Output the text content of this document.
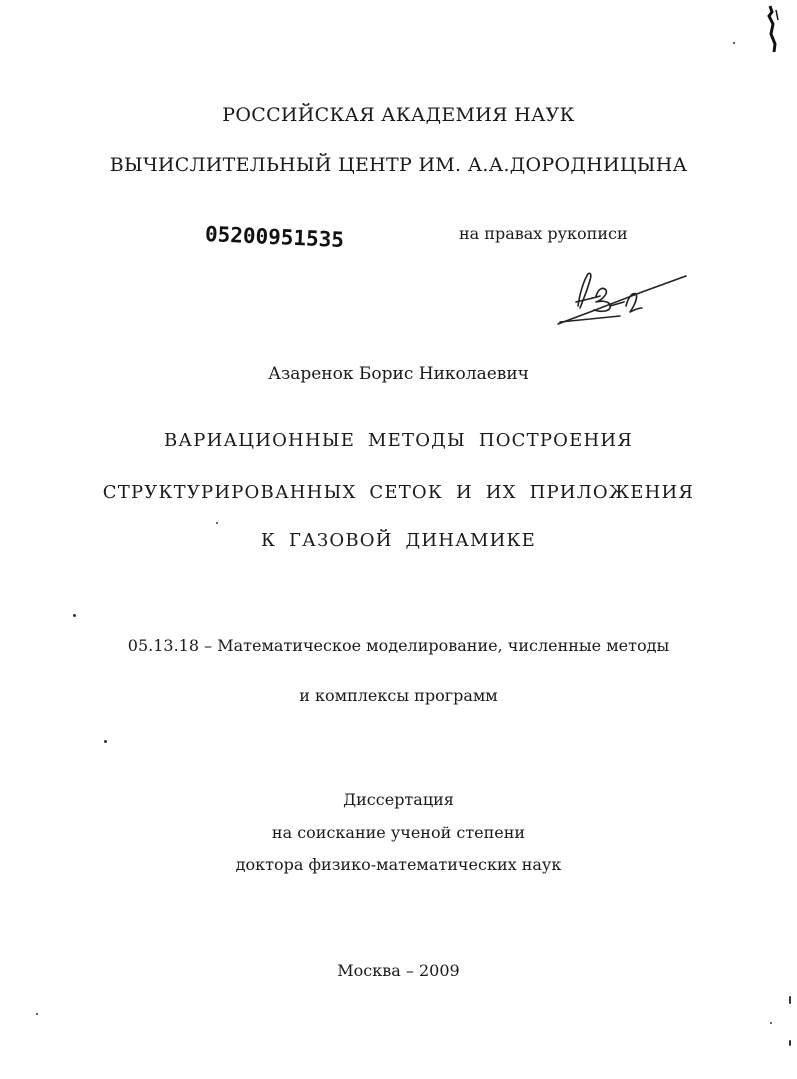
РОССИЙСКАЯ АКАДЕМИЯ НАУК
ВЫЧИСЛИТЕЛЬНЫЙ ЦЕНТР ИМ. А.А.ДОРОДНИЦЫНА
05200951535	на правах рукописи
Азаренок Борис Николаевич
ВАРИАЦИОННЫЕ МЕТОДЫ ПОСТРОЕНИЯ
СТРУКТУРИРОВАННЫХ СЕТОК И ИХ ПРИЛОЖЕНИЯ
К ГАЗОВОЙ ДИНАМИКЕ
05.13.18 – Математическое моделирование, численные методы
и комплексы программ
Диссертация
на соискание ученой степени
доктора физико-математических наук
Москва – 2009
